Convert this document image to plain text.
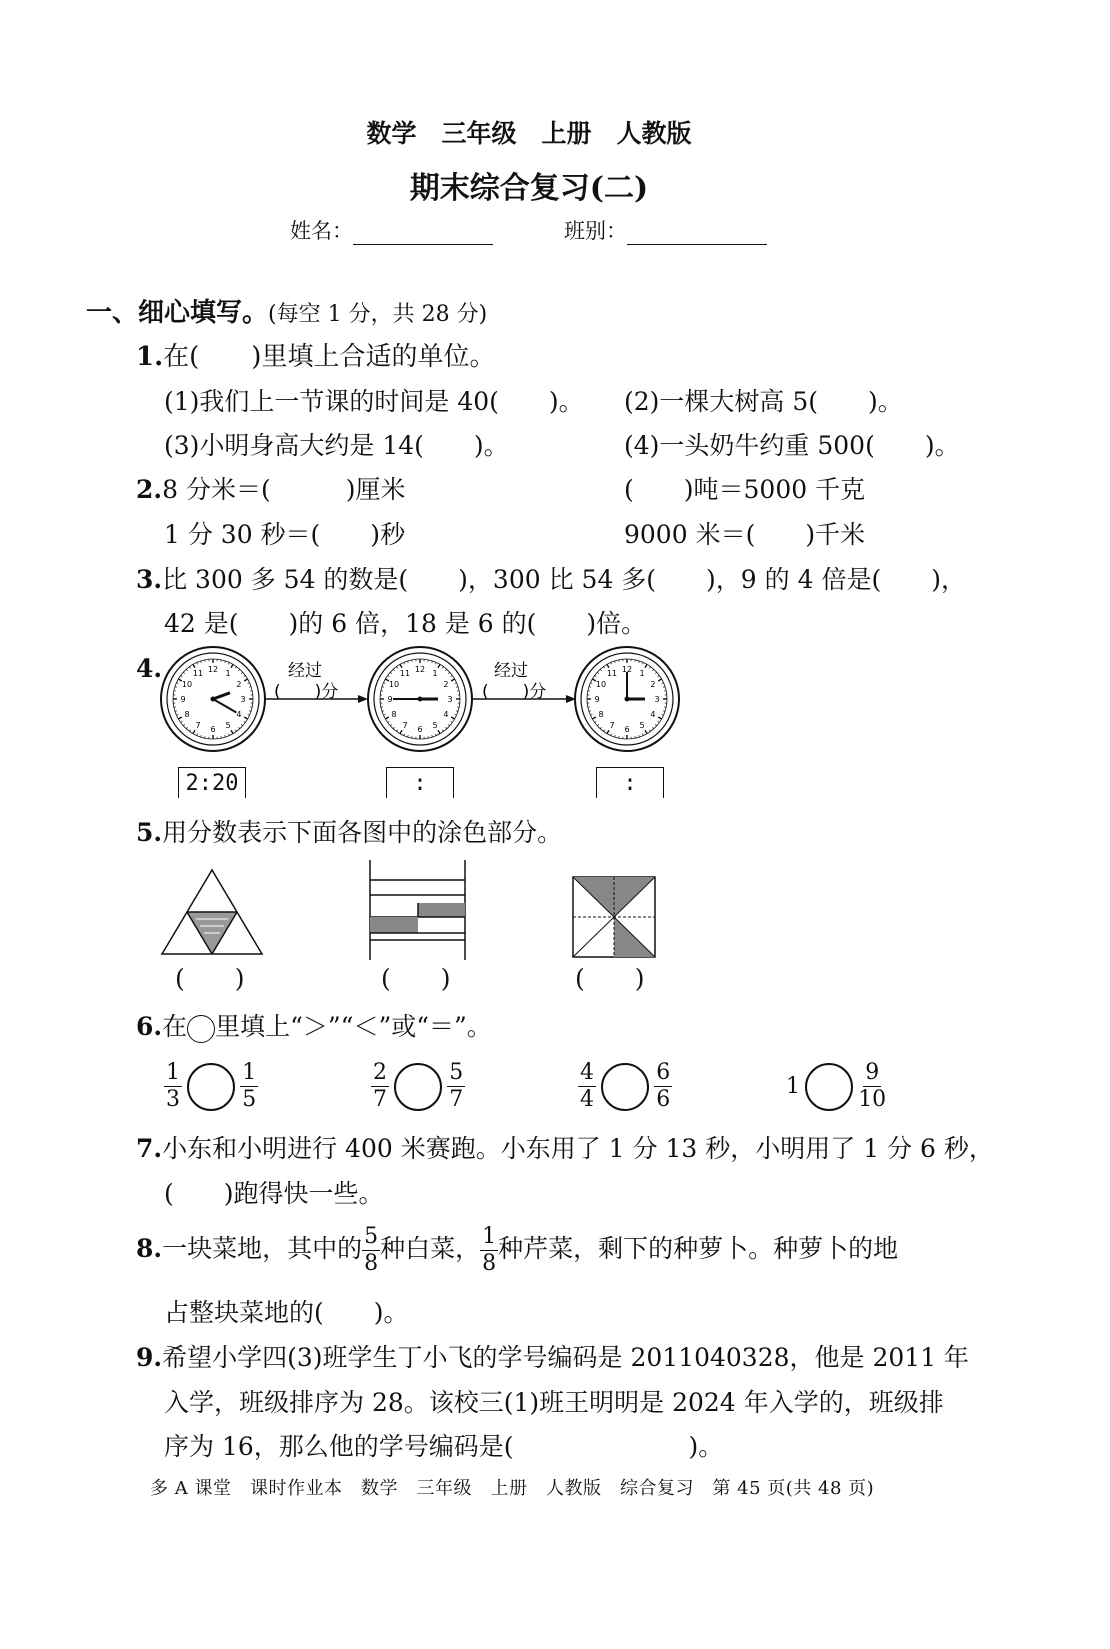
数学　三年级　上册　人教版
期末综合复习(二)
姓名：	班别：
一、细心填写。(每空 1 分，共 28 分)
1.在(　　)里填上合适的单位。
(1)我们上一节课的时间是 40(　　)。 (2)一棵大树高 5(　　)。
(3)小明身高大约是 14(　　)。	(4)一头奶牛约重 500(　　)。
2.8 分米＝(　　　)厘米	(　　)吨＝5000 千克
1 分 30 秒＝(　　)秒	9000 米＝(　　)千米
3.比 300 多 54 的数是(　　)，300 比 54 多(　　)，9 的 4 倍是(　　)，
42 是(　　)的 6 倍，18 是 6 的(　　)倍。
4.	1
2
3
4
5
6
7
8
9
10
11 12	1
2
3
4
5
6
7
8
9
10
11 12	1
2
3
4
5
6
7
8
9
10
11 12
经过
(　　)分
经过
(　　)分
2:20	:	:
5.用分数表示下面各图中的涂色部分。
(　　)	(　　)	(　　)
6.在 里填上“＞”“＜”或“＝”。
$\frac{1}{3}$
	$\frac{1}{5}$	$\frac{2}{7}$
	$\frac{5}{7}$	$\frac{4}{4}$
	$\frac{6}{6}$	1	$\frac{9}{10}$
7.小东和小明进行 400 米赛跑。小东用了 1 分 13 秒，小明用了 1 分 6 秒，
(　　)跑得快一些。
8.一块菜地，其中的 $\frac{5}{8}$ 种白菜， $\frac{1}{8}$ 种芹菜，剩下的种萝卜。种萝卜的地
占整块菜地的(　　)。
9.希望小学四(3)班学生丁小飞的学号编码是 2011040328，他是 2011 年
入学，班级排序为 28。该校三(1)班王明明是 2024 年入学的，班级排
序为 16，那么他的学号编码是(　　　　　　　)。
多 A 课堂　课时作业本　数学　三年级　上册　人教版　综合复习　第 45 页(共 48 页)
